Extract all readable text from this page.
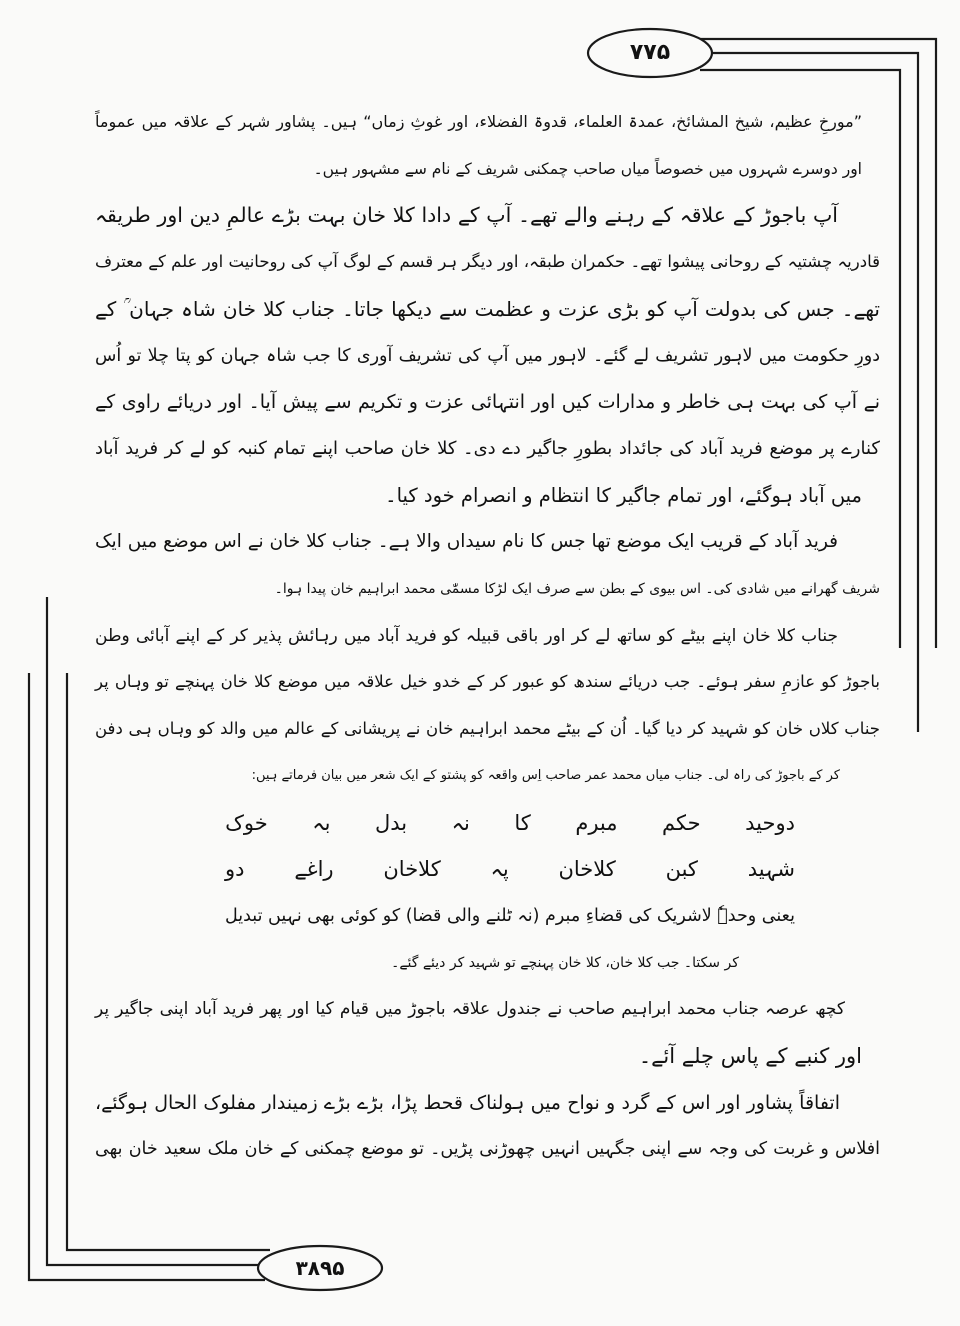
۷۷۵
۳۸۹۵
”مورخِ عظیم، شیخ المشائخ، عمدۃ العلماء، قدوۃ الفضلاء، اور غوثِ زماں“ ہیں۔ پشاور شہر کے علاقہ میں عموماً
اور دوسرے شہروں میں خصوصاً میاں صاحب چمکنی شریف کے نام سے مشہور ہیں۔
آپ باجوڑ کے علاقہ کے رہنے والے تھے۔ آپ کے دادا کلا خان بہت بڑے عالمِ دین اور طریقہ
قادریہ چشتیہ کے روحانی پیشوا تھے۔ حکمران طبقہ، اور دیگر ہر قسم کے لوگ آپ کی روحانیت اور علم کے معترف
تھے۔ جس کی بدولت آپ کو بڑی عزت و عظمت سے دیکھا جاتا۔ جناب کلا خان شاہ جہان ؒ کے
دورِ حکومت میں لاہور تشریف لے گئے۔ لاہور میں آپ کی تشریف آوری کا جب شاہ جہان کو پتا چلا تو اُس
نے آپ کی بہت ہی خاطر و مدارات کیں اور انتہائی عزت و تکریم سے پیش آیا۔ اور دریائے راوی کے
کنارے پر موضع فرید آباد کی جائداد بطورِ جاگیر دے دی۔ کلا خان صاحب اپنے تمام کنبہ کو لے کر فرید آباد
میں آباد ہوگئے، اور تمام جاگیر کا انتظام و انصرام خود کیا۔
فرید آباد کے قریب ایک موضع تھا جس کا نام سیداں والا ہے۔ جناب کلا خان نے اس موضع میں ایک
شریف گھرانے میں شادی کی۔ اس بیوی کے بطن سے صرف ایک لڑکا مسمّٰی محمد ابراہیم خان پیدا ہوا۔
جناب کلا خان اپنے بیٹے کو ساتھ لے کر اور باقی قبیلہ کو فرید آباد میں رہائش پذیر کر کے اپنے آبائی وطن
باجوڑ کو عازمِ سفر ہوئے۔ جب دریائے سندھ کو عبور کر کے خدو خیل علاقہ میں موضع کلا خان پہنچے تو وہاں پر
جناب کلاں خان کو شہید کر دیا گیا۔ اُن کے بیٹے محمد ابراہیم خان نے پریشانی کے عالم میں والد کو وہاں ہی دفن
کر کے باجوڑ کی راہ لی۔ جناب میاں محمد عمر صاحب اِس واقعہ کو پشتو کے ایک شعر میں بیان فرماتے ہیں:
دوحید
حکم
مبرم
کا
نہ
بدل
بہ
خوک
شہید
کبن
کلاخان
پہ
کلاخان
راغے
دو
یعنی وحدہٗ لاشریک کی قضاءِ مبرم (نہ ٹلنے والی قضا) کو کوئی بھی نہیں تبدیل
کر سکتا۔ جب کلا خان، کلا خان پہنچے تو شہید کر دیئے گئے۔
کچھ عرصہ جناب محمد ابراہیم صاحب نے جندول علاقہ باجوڑ میں قیام کیا اور پھر فرید آباد اپنی جاگیر پر
اور کنبے کے پاس چلے آئے۔
اتفاقاً پشاور اور اس کے گرد و نواح میں ہولناک قحط پڑا، بڑے بڑے زمیندار مفلوک الحال ہوگئے،
افلاس و غربت کی وجہ سے اپنی جگہیں انہیں چھوڑنی پڑیں۔ تو موضع چمکنی کے خان ملک سعید خان بھی
